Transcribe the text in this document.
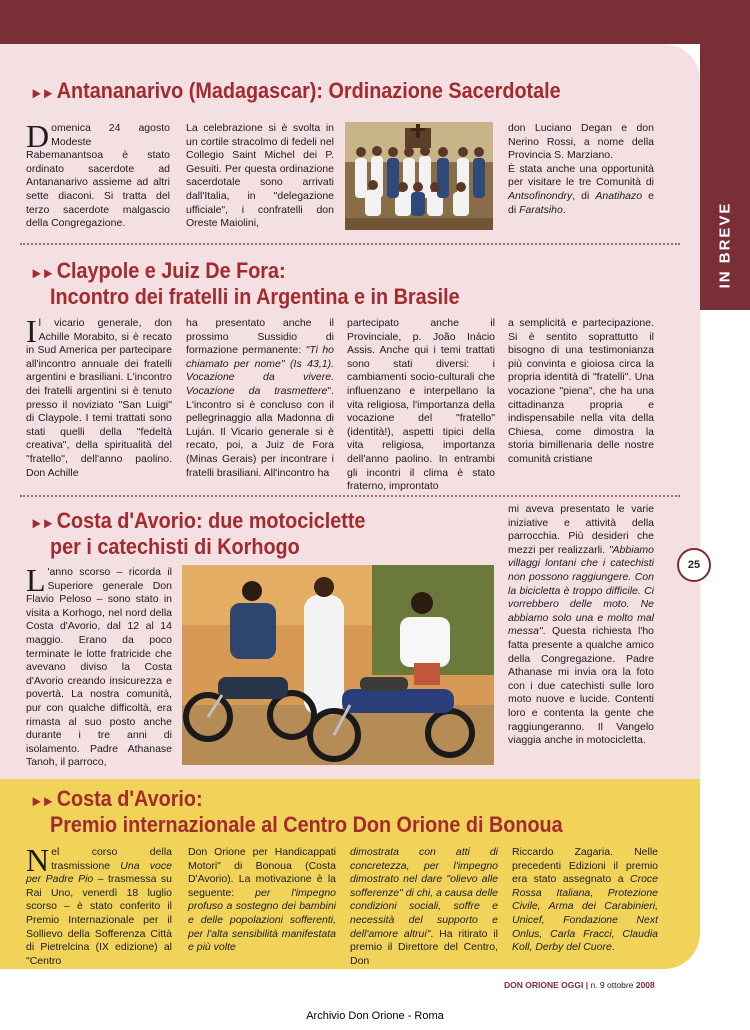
IN BREVE
►► Antananarivo (Madagascar): Ordinazione Sacerdotale

Domenica 24 agosto Modeste Rabemanantsoa è stato ordinato sacerdote ad Antananarivo assieme ad altri sette diaconi. Si tratta del terzo sacerdote malgascio della Congregazione.

La celebrazione si è svolta in un cortile stracolmo di fedeli nel Collegio Saint Michel dei P. Gesuiti. Per questa ordinazione sacerdotale sono arrivati dall'Italia, in "delegazione ufficiale", i confratelli don Oreste Maiolini,

don Luciano Degan e don Nerino Rossi, a nome della Provincia S. Marziano.

È stata anche una opportunità per visitare le tre Comunità di Antsofinondry, di Anatihazo e di Faratsiho.

►► Claypole e Juiz De Fora:
Incontro dei fratelli in Argentina e in Brasile

Il vicario generale, don Achille Morabito, si è recato in Sud America per partecipare all'incontro annuale dei fratelli argentini e brasiliani. L'incontro dei fratelli argentini si è tenuto presso il noviziato "San Luigi" di Claypole. I temi trattati sono stati quelli della "fedeltà creativa", della spiritualità del "fratello", dell'anno paolino. Don Achille

ha presentato anche il prossimo Sussidio di formazione permanente: "Ti ho chiamato per nome" (Is 43,1). Vocazione da vivere. Vocazione da trasmettere". L'incontro si è concluso con il pellegrinaggio alla Madonna di Luján. Il Vicario generale si è recato, poi, a Juiz de Fora (Minas Gerais) per incontrare i fratelli brasiliani. All'incontro ha

partecipato anche il Provinciale, p. João Inácio Assis. Anche qui i temi trattati sono stati diversi: i cambiamenti socio-culturali che influenzano e interpellano la vita religiosa, l'importanza della vocazione del "fratello" (identità!), aspetti tipici della vita religiosa, importanza dell'anno paolino. In entrambi gli incontri il clima è stato fraterno, improntato

a semplicità e partecipazione. Si è sentito soprattutto il bisogno di una testimonianza più convinta e gioiosa circa la propria identità di "fratelli". Una vocazione "piena", che ha una cittadinanza propria e indispensabile nella vita della Chiesa, come dimostra la storia bimillenaria delle nostre comunità cristiane

►► Costa d'Avorio: due motociclette
per i catechisti di Korhogo

L 'anno scorso – ricorda il Superiore generale Don Flavio Peloso – sono stato in visita a Korhogo, nel nord della Costa d'Avorio, dal 12 al 14 maggio. Erano da poco terminate le lotte fratricide che avevano diviso la Costa d'Avorio creando insicurezza e povertà. La nostra comunità, pur con qualche difficoltà, era rimasta al suo posto anche durante i tre anni di isolamento. Padre Athanase Tanoh, il parroco,

mi aveva presentato le varie iniziative e attività della parrocchia. Più desideri che mezzi per realizzarli. "Abbiamo villaggi lontani che i catechisti non possono raggiungere. Con la bicicletta è troppo difficile. Ci vorrebbero delle moto. Ne abbiamo solo una e molto mal messa". Questa richiesta l'ho fatta presente a qualche amico della Congregazione. Padre Athanase mi invia ora la foto con i due catechisti sulle loro moto nuove e lucide. Contenti loro e contenta la gente che raggiungeranno. Il Vangelo viaggia anche in motocicletta.

►► Costa d'Avorio:
Premio internazionale al Centro Don Orione di Bonoua

Nel corso della trasmissione Una voce per Padre Pio – trasmessa su Rai Uno, venerdì 18 luglio scorso – è stato conferito il Premio Internazionale per il Sollievo della Sofferenza Città di Pietrelcina (IX edizione) al "Centro

Don Orione per Handicappati Motori" di Bonoua (Costa D'Avorio). La motivazione è la seguente: per l'impegno profuso a sostegno dei bambini e delle popolazioni sofferenti, per l'alta sensibilità manifestata e più volte

dimostrata con atti di concretezza, per l'impegno dimostrato nel dare "olievo alle sofferenze" di chi, a causa delle condizioni sociali, soffre e necessità del supporto e dell'amore altrui". Ha ritirato il premio il Direttore del Centro, Don

Riccardo Zagaria. Nelle precedenti Edizioni il premio era stato assegnato a Croce Rossa Italiana, Protezione Civile, Arma dei Carabinieri, Unicef, Fondazione Next Onlus, Carla Fracci, Claudia Koll, Derby del Cuore.

25
DON ORIONE OGGI | n. 9 ottobre 2008
Archivio Don Orione - Roma
